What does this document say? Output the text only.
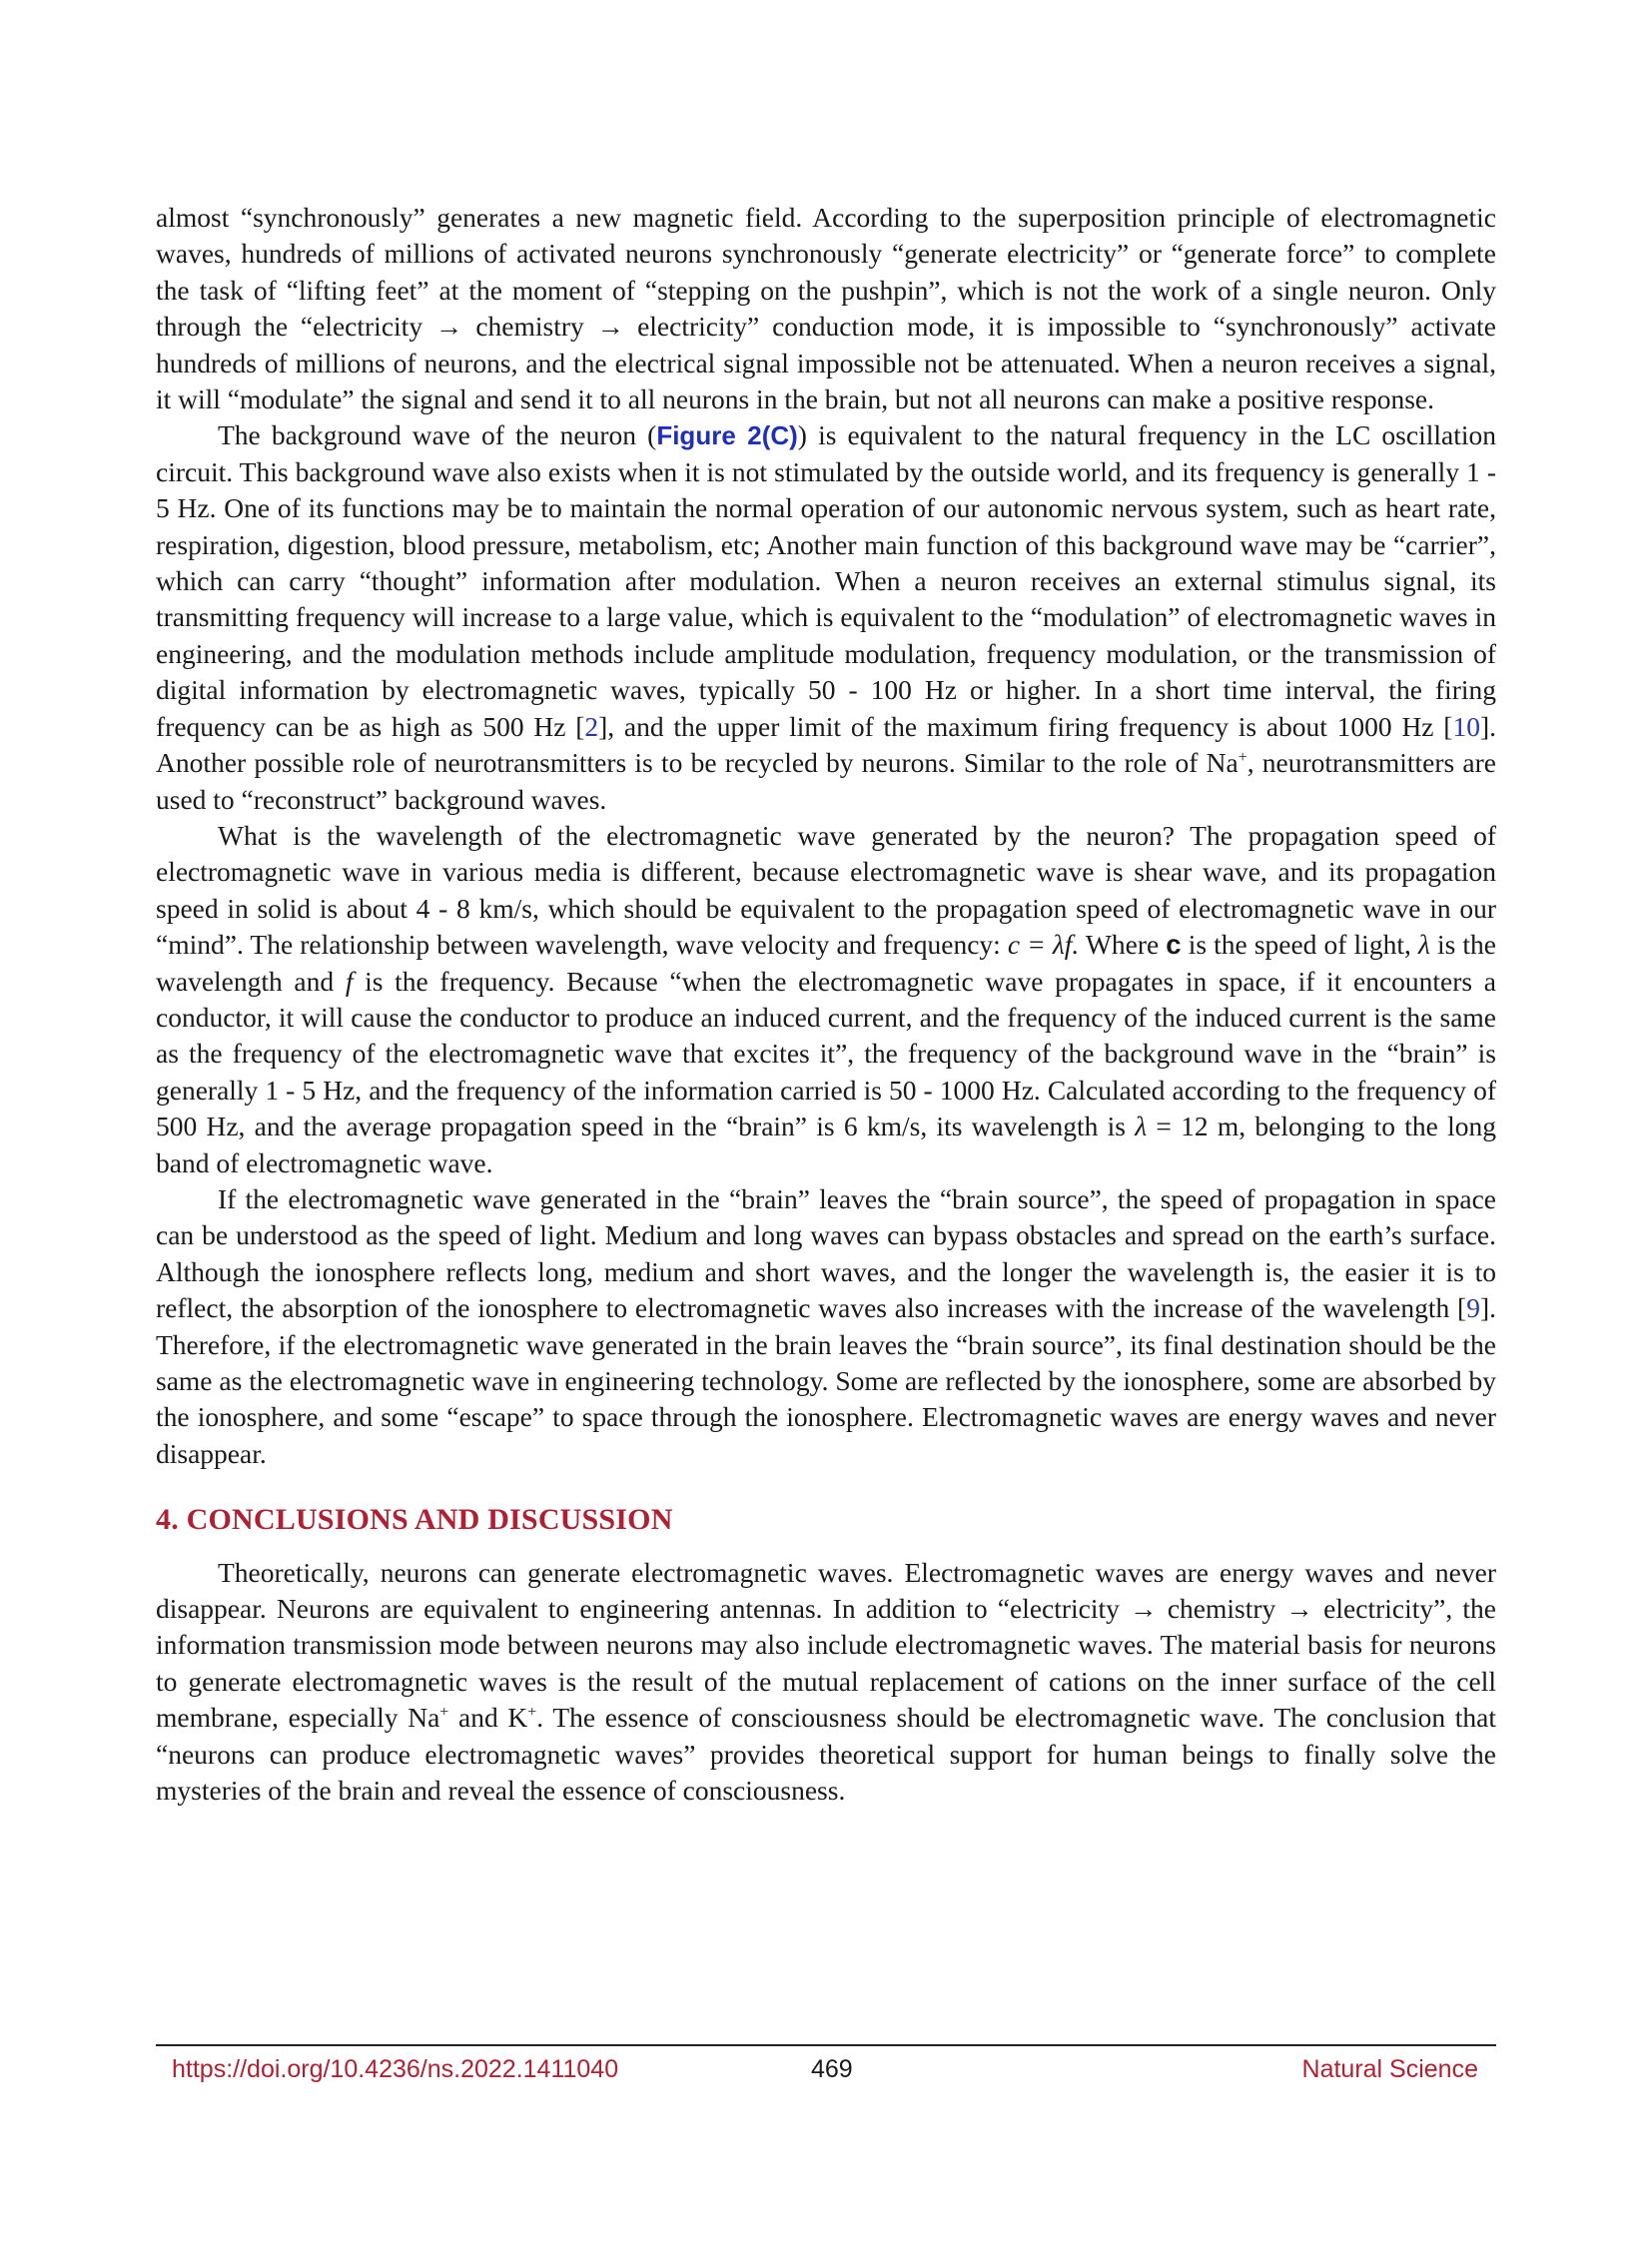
almost “synchronously” generates a new magnetic field. According to the superposition principle of electromagnetic waves, hundreds of millions of activated neurons synchronously “generate electricity” or “generate force” to complete the task of “lifting feet” at the moment of “stepping on the pushpin”, which is not the work of a single neuron. Only through the “electricity → chemistry → electricity” conduction mode, it is impossible to “synchronously” activate hundreds of millions of neurons, and the electrical signal impossible not be attenuated. When a neuron receives a signal, it will “modulate” the signal and send it to all neurons in the brain, but not all neurons can make a positive response.

The background wave of the neuron (Figure 2(C)) is equivalent to the natural frequency in the LC oscillation circuit. This background wave also exists when it is not stimulated by the outside world, and its frequency is generally 1 - 5 Hz. One of its functions may be to maintain the normal operation of our autonomic nervous system, such as heart rate, respiration, digestion, blood pressure, metabolism, etc; Another main function of this background wave may be “carrier”, which can carry “thought” information after modulation. When a neuron receives an external stimulus signal, its transmitting frequency will increase to a large value, which is equivalent to the “modulation” of electromagnetic waves in engineering, and the modulation methods include amplitude modulation, frequency modulation, or the transmission of digital information by electromagnetic waves, typically 50 - 100 Hz or higher. In a short time interval, the firing frequency can be as high as 500 Hz [2], and the upper limit of the maximum firing frequency is about 1000 Hz [10]. Another possible role of neurotransmitters is to be recycled by neurons. Similar to the role of Na+, neurotransmitters are used to “reconstruct” background waves.

What is the wavelength of the electromagnetic wave generated by the neuron? The propagation speed of electromagnetic wave in various media is different, because electromagnetic wave is shear wave, and its propagation speed in solid is about 4 - 8 km/s, which should be equivalent to the propagation speed of electromagnetic wave in our “mind”. The relationship between wavelength, wave velocity and frequency: c = λf. Where c is the speed of light, λ is the wavelength and f is the frequency. Because “when the electromagnetic wave propagates in space, if it encounters a conductor, it will cause the conductor to produce an induced current, and the frequency of the induced current is the same as the frequency of the electromagnetic wave that excites it”, the frequency of the background wave in the “brain” is generally 1 - 5 Hz, and the frequency of the information carried is 50 - 1000 Hz. Calculated according to the frequency of 500 Hz, and the average propagation speed in the “brain” is 6 km/s, its wavelength is λ = 12 m, belonging to the long band of electromagnetic wave.

If the electromagnetic wave generated in the “brain” leaves the “brain source”, the speed of propagation in space can be understood as the speed of light. Medium and long waves can bypass obstacles and spread on the earth’s surface. Although the ionosphere reflects long, medium and short waves, and the longer the wavelength is, the easier it is to reflect, the absorption of the ionosphere to electromagnetic waves also increases with the increase of the wavelength [9]. Therefore, if the electromagnetic wave generated in the brain leaves the “brain source”, its final destination should be the same as the electromagnetic wave in engineering technology. Some are reflected by the ionosphere, some are absorbed by the ionosphere, and some “escape” to space through the ionosphere. Electromagnetic waves are energy waves and never disappear.

4. CONCLUSIONS AND DISCUSSION

Theoretically, neurons can generate electromagnetic waves. Electromagnetic waves are energy waves and never disappear. Neurons are equivalent to engineering antennas. In addition to “electricity → chemistry → electricity”, the information transmission mode between neurons may also include electromagnetic waves. The material basis for neurons to generate electromagnetic waves is the result of the mutual replacement of cations on the inner surface of the cell membrane, especially Na+ and K+. The essence of consciousness should be electromagnetic wave. The conclusion that “neurons can produce electromagnetic waves” provides theoretical support for human beings to finally solve the mysteries of the brain and reveal the essence of consciousness.

https://doi.org/10.4236/ns.2022.1411040	469	Natural Science
